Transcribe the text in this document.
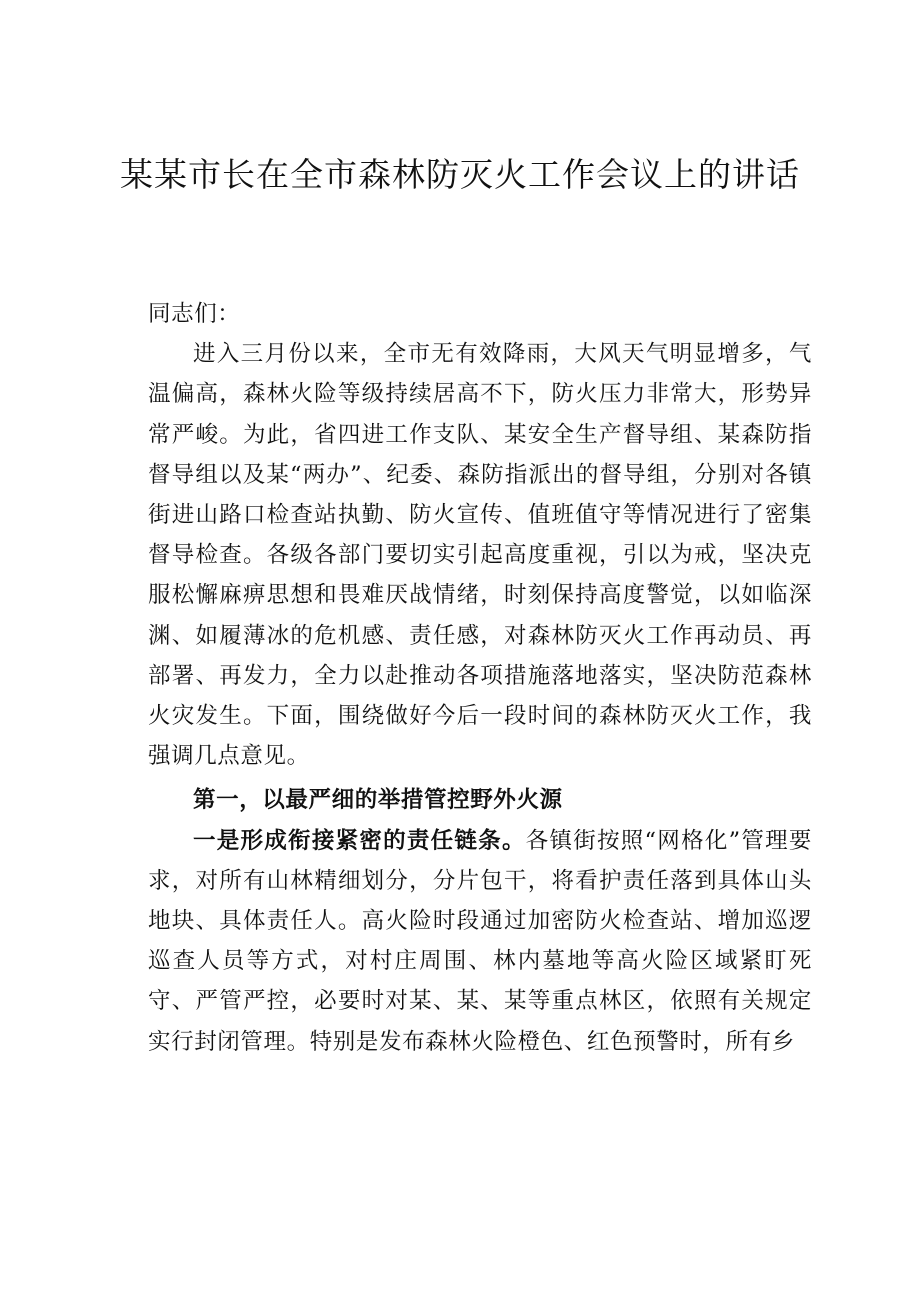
某某市长在全市森林防灭火工作会议上的讲话

同志们：

进入三月份以来，全市无有效降雨，大风天气明显增多，气温偏高，森林火险等级持续居高不下，防火压力非常大，形势异常严峻。为此，省四进工作支队、某安全生产督导组、某森防指督导组以及某“两办”、纪委、森防指派出的督导组，分别对各镇街进山路口检查站执勤、防火宣传、值班值守等情况进行了密集督导检查。各级各部门要切实引起高度重视，引以为戒，坚决克服松懈麻痹思想和畏难厌战情绪，时刻保持高度警觉，以如临深渊、如履薄冰的危机感、责任感，对森林防灭火工作再动员、再部署、再发力，全力以赴推动各项措施落地落实，坚决防范森林火灾发生。下面，围绕做好今后一段时间的森林防灭火工作，我强调几点意见。

第一，以最严细的举措管控野外火源

一是形成衔接紧密的责任链条。各镇街按照“网格化”管理要求，对所有山林精细划分，分片包干，将看护责任落到具体山头地块、具体责任人。高火险时段通过加密防火检查站、增加巡逻巡查人员等方式，对村庄周围、林内墓地等高火险区域紧盯死守、严管严控，必要时对某、某、某等重点林区，依照有关规定实行封闭管理。特别是发布森林火险橙色、红色预警时，所有乡
